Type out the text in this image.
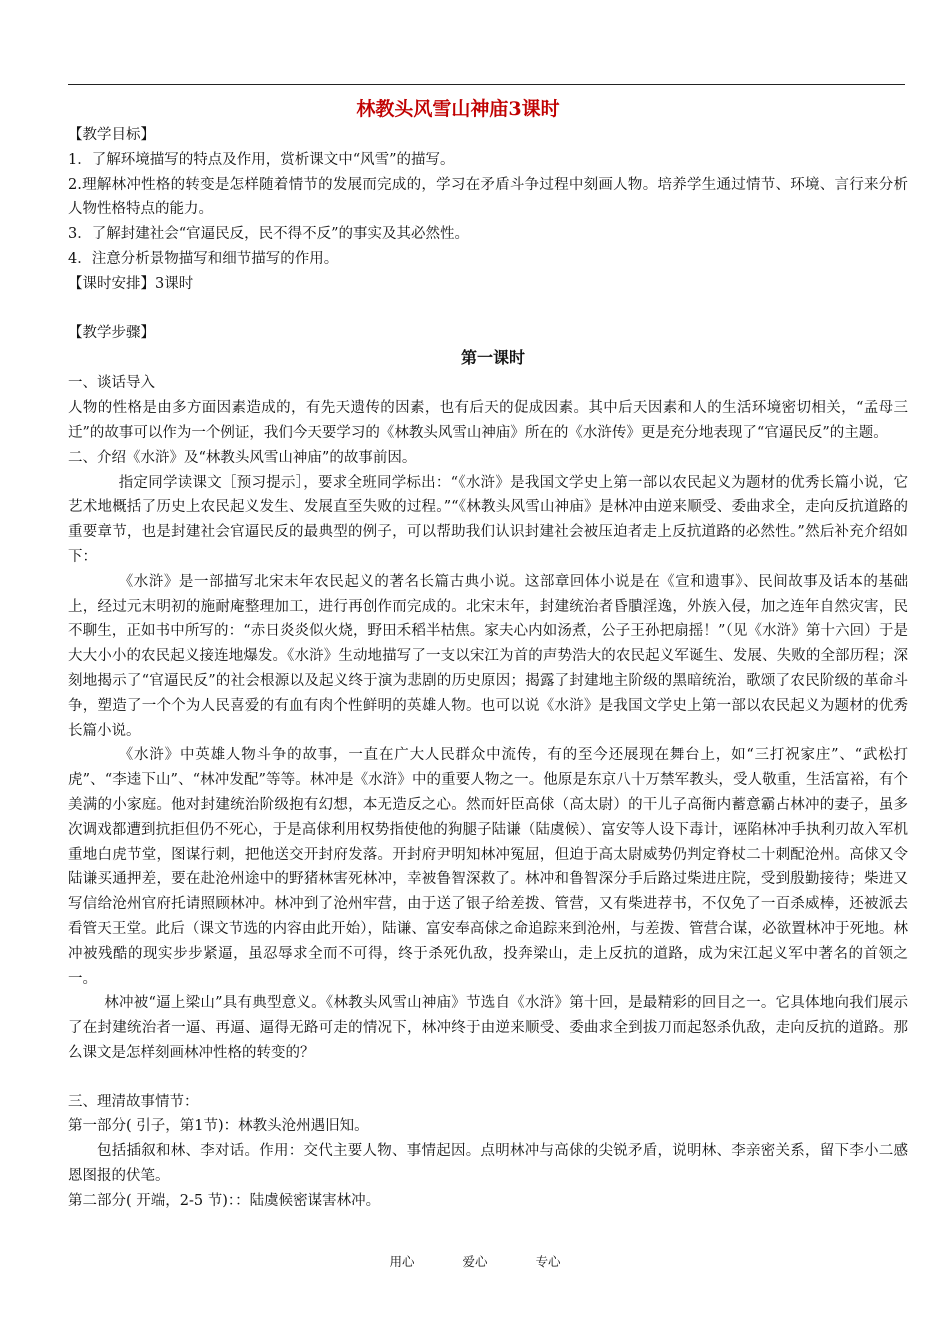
林教头风雪山神庙3课时

【教学目标】

1．了解环境描写的特点及作用，赏析课文中“风雪”的描写。

2.理解林冲性格的转变是怎样随着情节的发展而完成的，学习在矛盾斗争过程中刻画人物。培养学生通过情节、环境、言行来分析人物性格特点的能力。

3．了解封建社会“官逼民反，民不得不反”的事实及其必然性。

4．注意分析景物描写和细节描写的作用。

【课时安排】3课时

【教学步骤】

第一课时

一、谈话导入

人物的性格是由多方面因素造成的，有先天遗传的因素，也有后天的促成因素。其中后天因素和人的生活环境密切相关，“孟母三迁”的故事可以作为一个例证，我们今天要学习的《林教头风雪山神庙》所在的《水浒传》更是充分地表现了“官逼民反”的主题。

二、介绍《水浒》及“林教头风雪山神庙”的故事前因。

指定同学读课文［预习提示］，要求全班同学标出：“《水浒》是我国文学史上第一部以农民起义为题材的优秀长篇小说，它艺术地概括了历史上农民起义发生、发展直至失败的过程。”“《林教头风雪山神庙》是林冲由逆来顺受、委曲求全，走向反抗道路的重要章节，也是封建社会官逼民反的最典型的例子，可以帮助我们认识封建社会被压迫者走上反抗道路的必然性。”然后补充介绍如下：

《水浒》是一部描写北宋末年农民起义的著名长篇古典小说。这部章回体小说是在《宣和遗事》、民间故事及话本的基础上，经过元末明初的施耐庵整理加工，进行再创作而完成的。北宋末年，封建统治者昏膭淫逸，外族入侵，加之连年自然灾害，民不聊生，正如书中所写的：“赤日炎炎似火烧，野田禾稻半枯焦。家夫心内如汤煮，公子王孙把扇摇！”（见《水浒》第十六回）于是大大小小的农民起义接连地爆发。《水浒》生动地描写了一支以宋江为首的声势浩大的农民起义军诞生、发展、失败的全部历程；深刻地揭示了“官逼民反”的社会根源以及起义终于演为悲剧的历史原因；揭露了封建地主阶级的黑暗统治，歌颂了农民阶级的革命斗争，塑造了一个个为人民喜爱的有血有肉个性鲜明的英雄人物。也可以说《水浒》是我国文学史上第一部以农民起义为题材的优秀长篇小说。

《水浒》中英雄人物斗争的故事，一直在广大人民群众中流传，有的至今还展现在舞台上，如“三打祝家庄”、“武松打虎”、“李逵下山”、“林冲发配”等等。林冲是《水浒》中的重要人物之一。他原是东京八十万禁军教头，受人敬重，生活富裕，有个美满的小家庭。他对封建统治阶级抱有幻想，本无造反之心。然而奸臣高俅（高太尉）的干儿子高衙内蓄意霸占林冲的妻子，虽多次调戏都遭到抗拒但仍不死心，于是高俅利用权势指使他的狗腿子陆谦（陆虞候）、富安等人设下毒计，诬陷林冲手执利刃故入军机重地白虎节堂，图谋行刺，把他送交开封府发落。开封府尹明知林冲冤屈，但迫于高太尉威势仍判定脊杖二十刺配沧州。高俅又令陆谦买通押差，要在赴沧州途中的野猪林害死林冲，幸被鲁智深救了。林冲和鲁智深分手后路过柴进庄院，受到殷勤接待；柴进又写信给沧州官府托请照顾林冲。林冲到了沧州牢营，由于送了银子给差拨、管营，又有柴进荐书，不仅免了一百杀威棒，还被派去看管天王堂。此后（课文节选的内容由此开始），陆谦、富安奉高俅之命追踪来到沧州，与差拨、管营合谋，必欲置林冲于死地。林冲被残酷的现实步步紧逼，虽忍辱求全而不可得，终于杀死仇敌，投奔梁山，走上反抗的道路，成为宋江起义军中著名的首领之一。

林冲被“逼上梁山”具有典型意义。《林教头风雪山神庙》节选自《水浒》第十回，是最精彩的回目之一。它具体地向我们展示了在封建统治者一逼、再逼、逼得无路可走的情况下，林冲终于由逆来顺受、委曲求全到拔刀而起怒杀仇敌，走向反抗的道路。那么课文是怎样刻画林冲性格的转变的？

三、理清故事情节：

第一部分( 引子，第1节)：林教头沧州遇旧知。

包括插叙和林、李对话。作用：交代主要人物、事情起因。点明林冲与高俅的尖锐矛盾，说明林、李亲密关系，留下李小二感恩图报的伏笔。

第二部分( 开端，2-5 节)：：陆虞候密谋害林冲。

用心	爱心	专心
